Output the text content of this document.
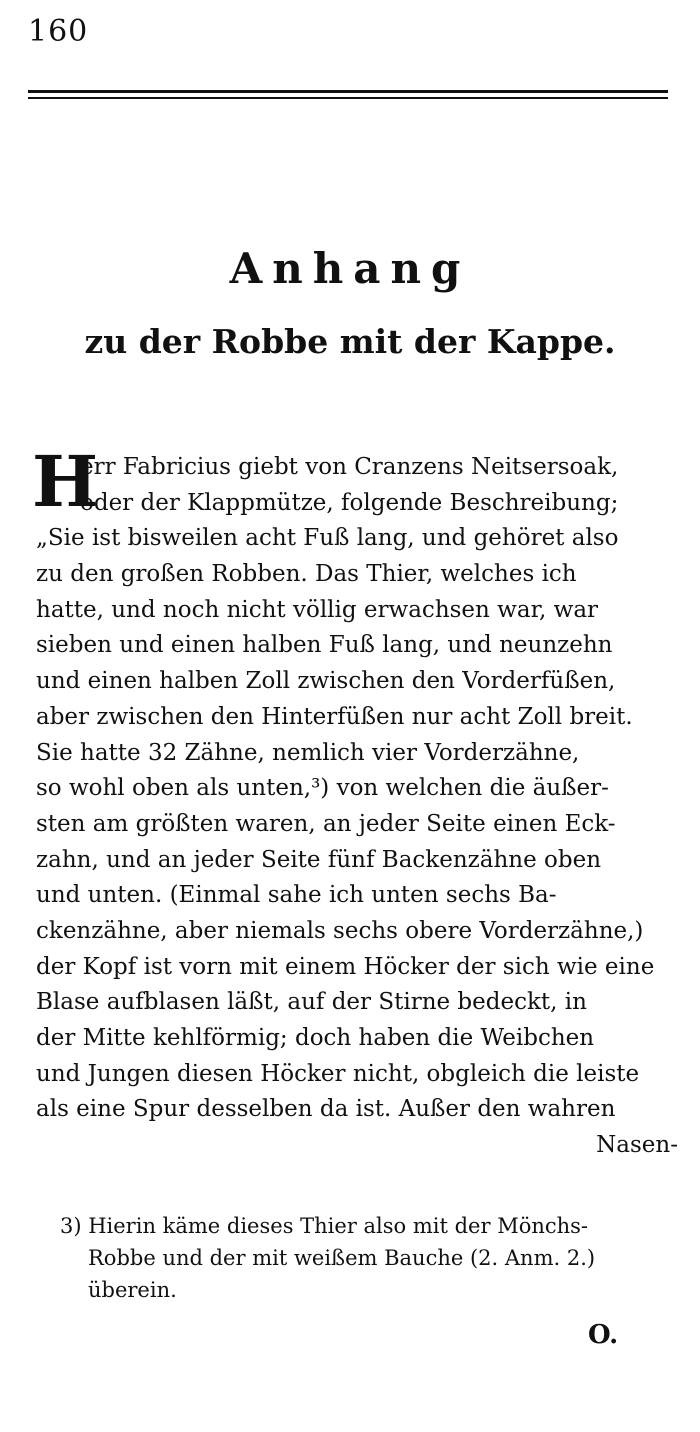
160
Anhang
zu der Robbe mit der Kappe.
H
err Fabricius giebt von Cranzens Neitsersoak,
oder der Klappmütze, folgende Beschreibung;
„Sie ist bisweilen acht Fuß lang, und gehöret also
zu den großen Robben. Das Thier, welches ich
hatte, und noch nicht völlig erwachsen war, war
sieben und einen halben Fuß lang, und neunzehn
und einen halben Zoll zwischen den Vorderfüßen,
aber zwischen den Hinterfüßen nur acht Zoll breit.
Sie hatte 32 Zähne, nemlich vier Vorderzähne,
so wohl oben als unten,³) von welchen die äußer-
sten am größten waren, an jeder Seite einen Eck-
zahn, und an jeder Seite fünf Backenzähne oben
und unten. (Einmal sahe ich unten sechs Ba-
ckenzähne, aber niemals sechs obere Vorderzähne,)
der Kopf ist vorn mit einem Höcker der sich wie eine
Blase aufblasen läßt, auf der Stirne bedeckt, in
der Mitte kehlförmig; doch haben die Weibchen
und Jungen diesen Höcker nicht, obgleich die leiste
als eine Spur desselben da ist. Außer den wahren
Nasen-
3) Hierin käme dieses Thier also mit der Mönchs-
Robbe und der mit weißem Bauche (2. Anm. 2.)
überein.
O.
